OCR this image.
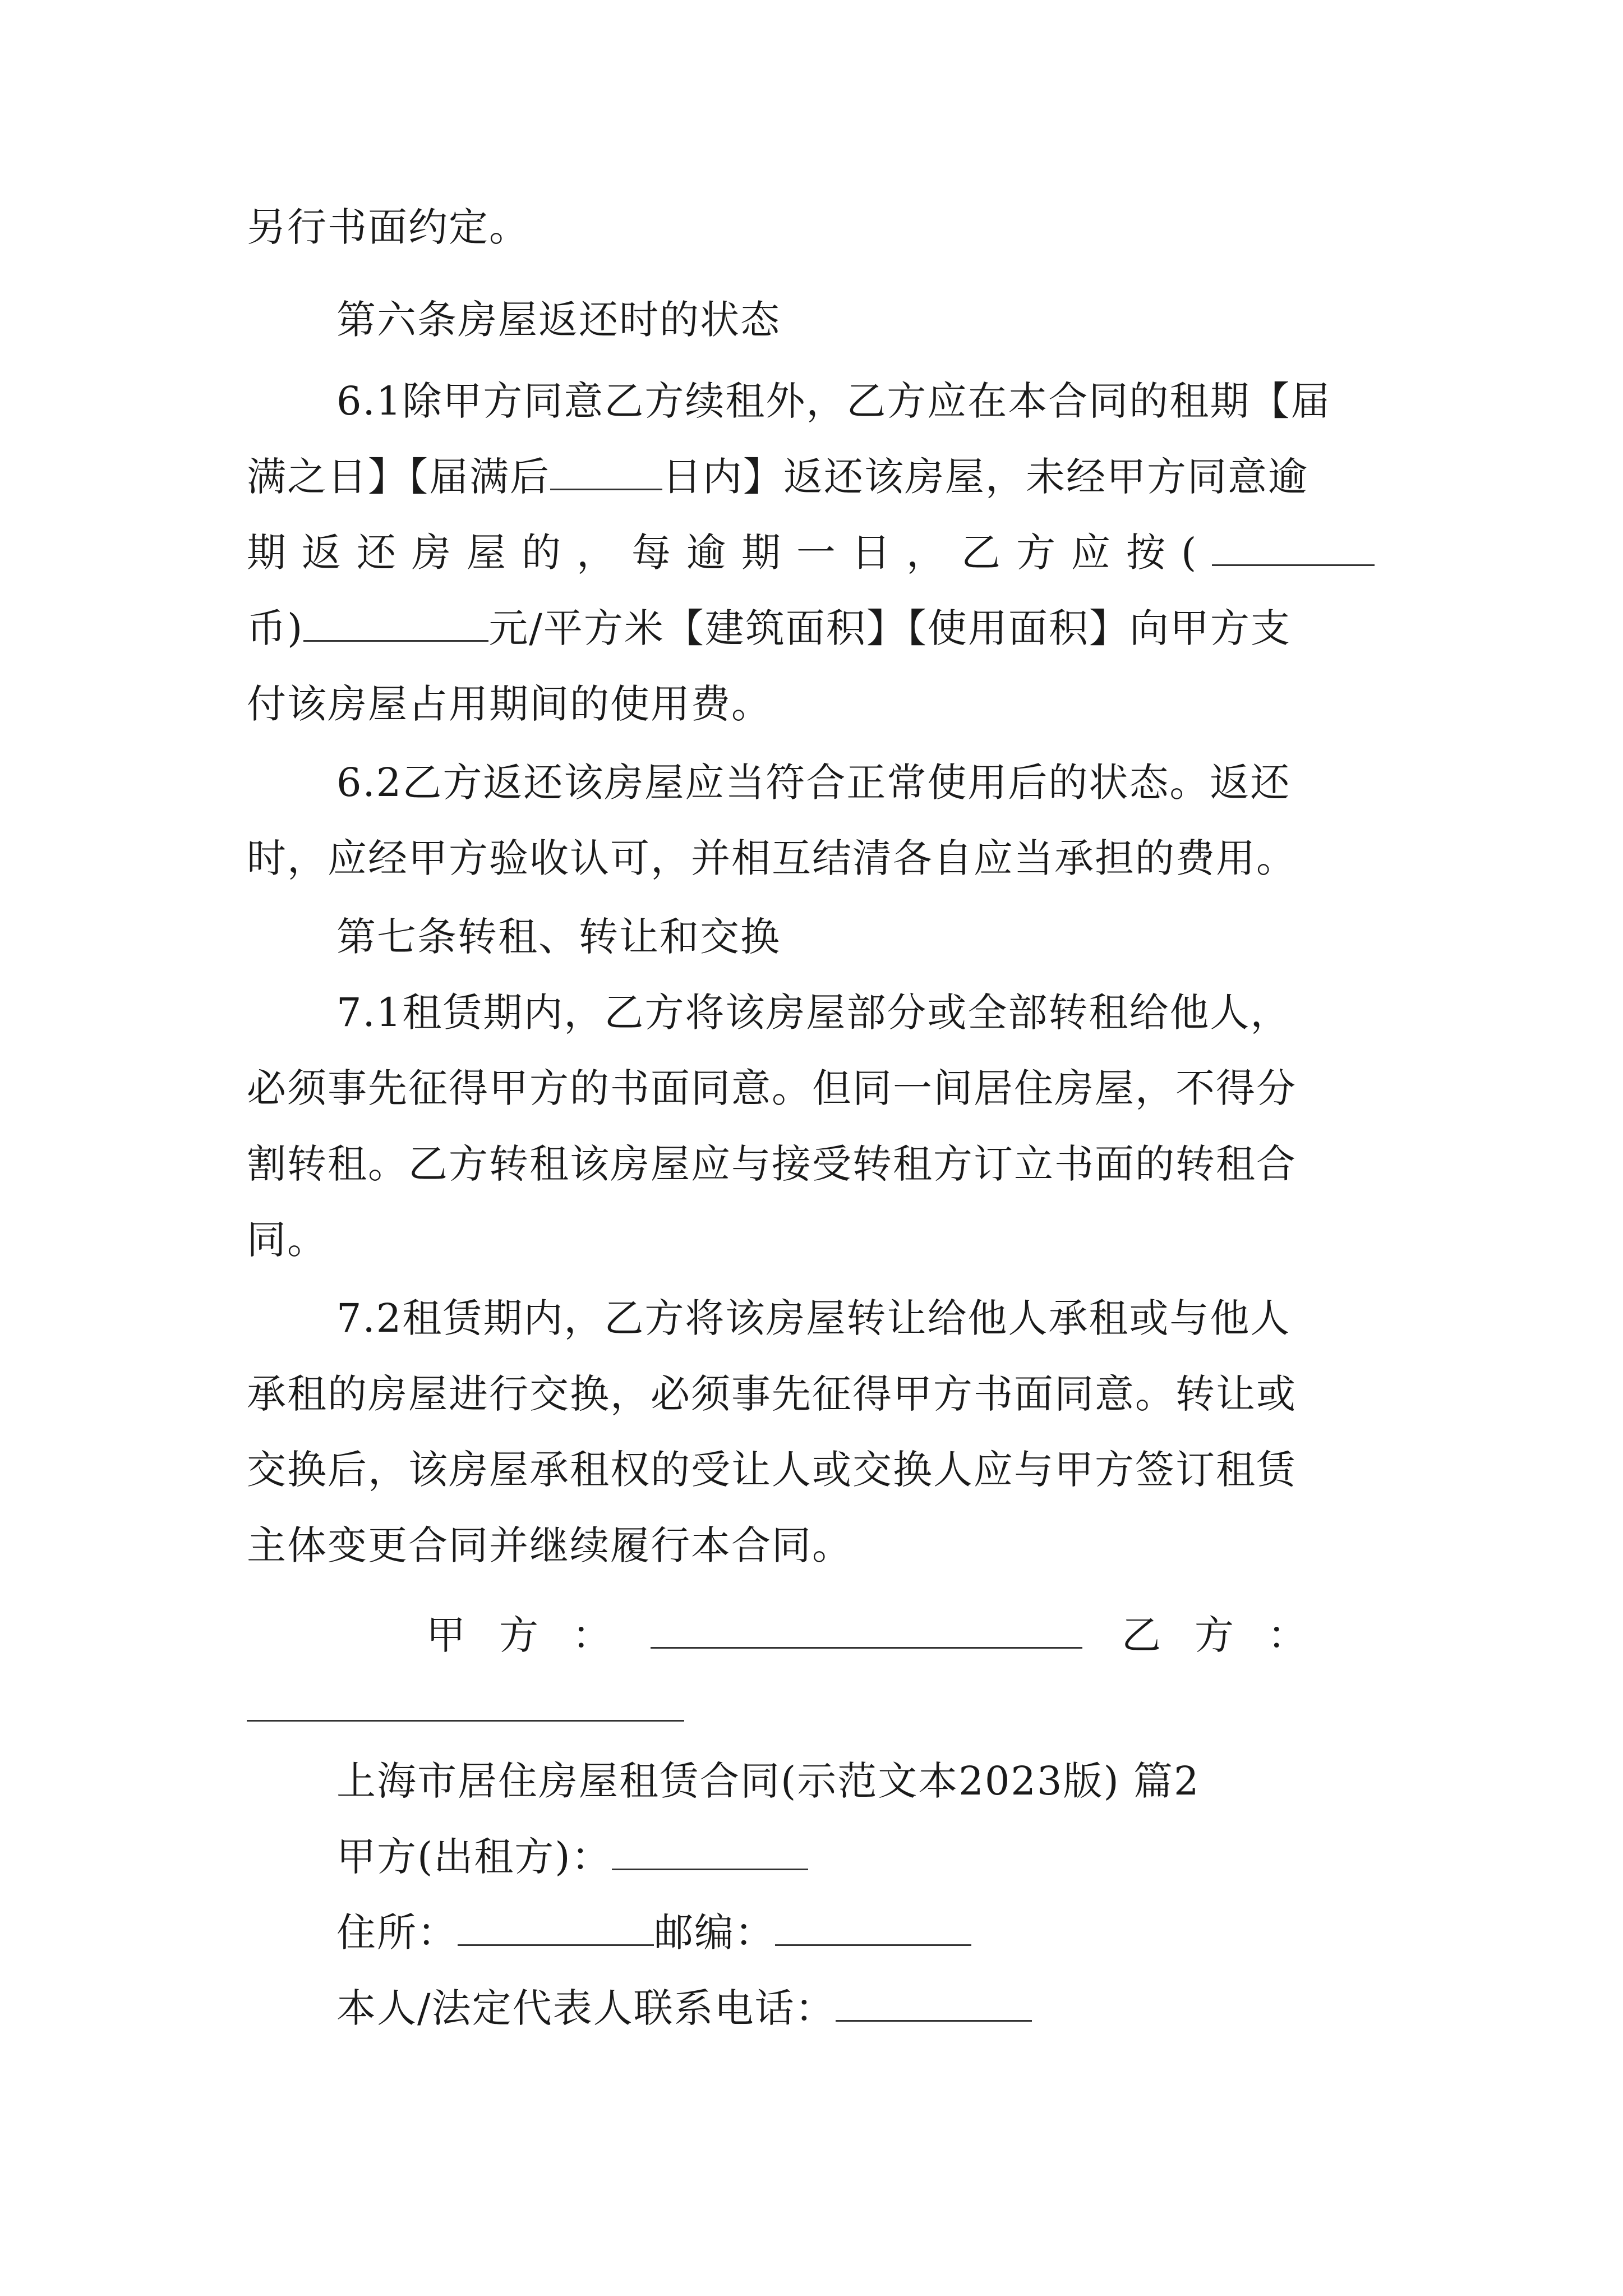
另行书面约定。
第六条房屋返还时的状态
6.1除甲方同意乙方续租外，乙方应在本合同的租期【届
满之日】【届满后	日内】返还该房屋，未经甲方同意逾
期返还房屋的，每逾期一日，乙方应按(
币)	元/平方米【建筑面积】【使用面积】向甲方支
付该房屋占用期间的使用费。
6.2乙方返还该房屋应当符合正常使用后的状态。返还
时，应经甲方验收认可，并相互结清各自应当承担的费用。
第七条转租、转让和交换
7.1租赁期内，乙方将该房屋部分或全部转租给他人，
必须事先征得甲方的书面同意。但同一间居住房屋，不得分
割转租。乙方转租该房屋应与接受转租方订立书面的转租合
同。
7.2租赁期内，乙方将该房屋转让给他人承租或与他人
承租的房屋进行交换，必须事先征得甲方书面同意。转让或
交换后，该房屋承租权的受让人或交换人应与甲方签订租赁
主体变更合同并继续履行本合同。
甲方：	乙方：
上海市居住房屋租赁合同(示范文本2023版) 篇2
甲方(出租方)：
住所：	邮编：
本人/法定代表人联系电话：
